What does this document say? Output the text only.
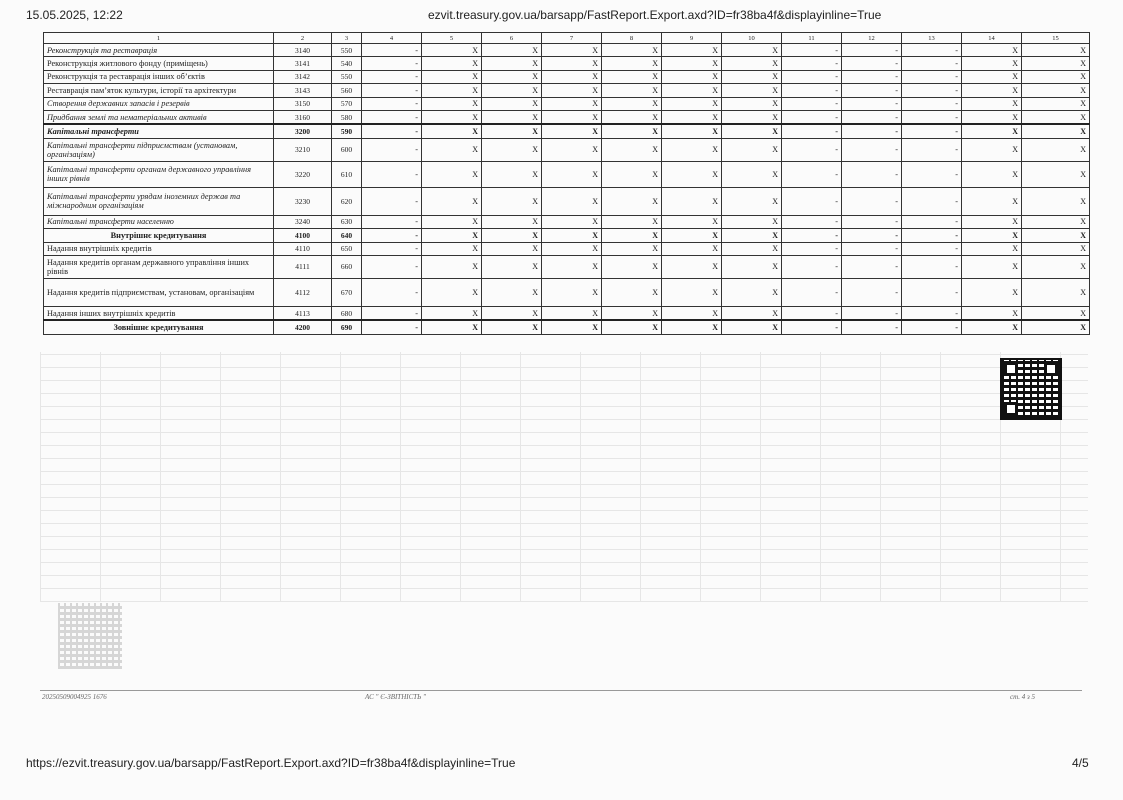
15.05.2025, 12:22	ezvit.treasury.gov.ua/barsapp/FastReport.Export.axd?ID=fr38ba4f&displayinline=True
1	2	3	4	5	6	7	8	9	10	11	12	13	14	15
Реконструкція та реставрація	3140	550	-	X	X	X	X	X	X	-	-	-	X	X
Реконструкція житлового фонду (приміщень)	3141	540	-	X	X	X	X	X	X	-	-	-	X	X
Реконструкція та реставрація інших об’єктів	3142	550	-	X	X	X	X	X	X	-	-	-	X	X
Реставрація пам’яток культури, історії та архітектури	3143	560	-	X	X	X	X	X	X	-	-	-	X	X
Створення державних запасів і резервів	3150	570	-	X	X	X	X	X	X	-	-	-	X	X
Придбання землі та нематеріальних активів	3160	580	-	X	X	X	X	X	X	-	-	-	X	X
Капітальні трансферти	3200	590	-	X	X	X	X	X	X	-	-	-	X	X
Капітальні трансферти підприємствам (установам, організаціям)	3210	600	-	X	X	X	X	X	X	-	-	-	X	X
Капітальні трансферти органам державного управління інших рівнів	3220	610	-	X	X	X	X	X	X	-	-	-	X	X
Капітальні трансферти урядам іноземних держав та міжнародним організаціям	3230	620	-	X	X	X	X	X	X	-	-	-	X	X
Капітальні трансферти населенню	3240	630	-	X	X	X	X	X	X	-	-	-	X	X
Внутрішнє кредитування	4100	640	-	X	X	X	X	X	X	-	-	-	X	X
Надання внутрішніх кредитів	4110	650	-	X	X	X	X	X	X	-	-	-	X	X
Надання кредитів органам державного управління інших рівнів	4111	660	-	X	X	X	X	X	X	-	-	-	X	X
Надання кредитів підприємствам, установам, організаціям	4112	670	-	X	X	X	X	X	X	-	-	-	X	X
Надання інших внутрішніх кредитів	4113	680	-	X	X	X	X	X	X	-	-	-	X	X
Зовнішнє кредитування	4200	690	-	X	X	X	X	X	X	-	-	-	X	X
20250509004925 1676	АС " Є-ЗВІТНІСТЬ "	ст. 4 з 5
https://ezvit.treasury.gov.ua/barsapp/FastReport.Export.axd?ID=fr38ba4f&displayinline=True	4/5
